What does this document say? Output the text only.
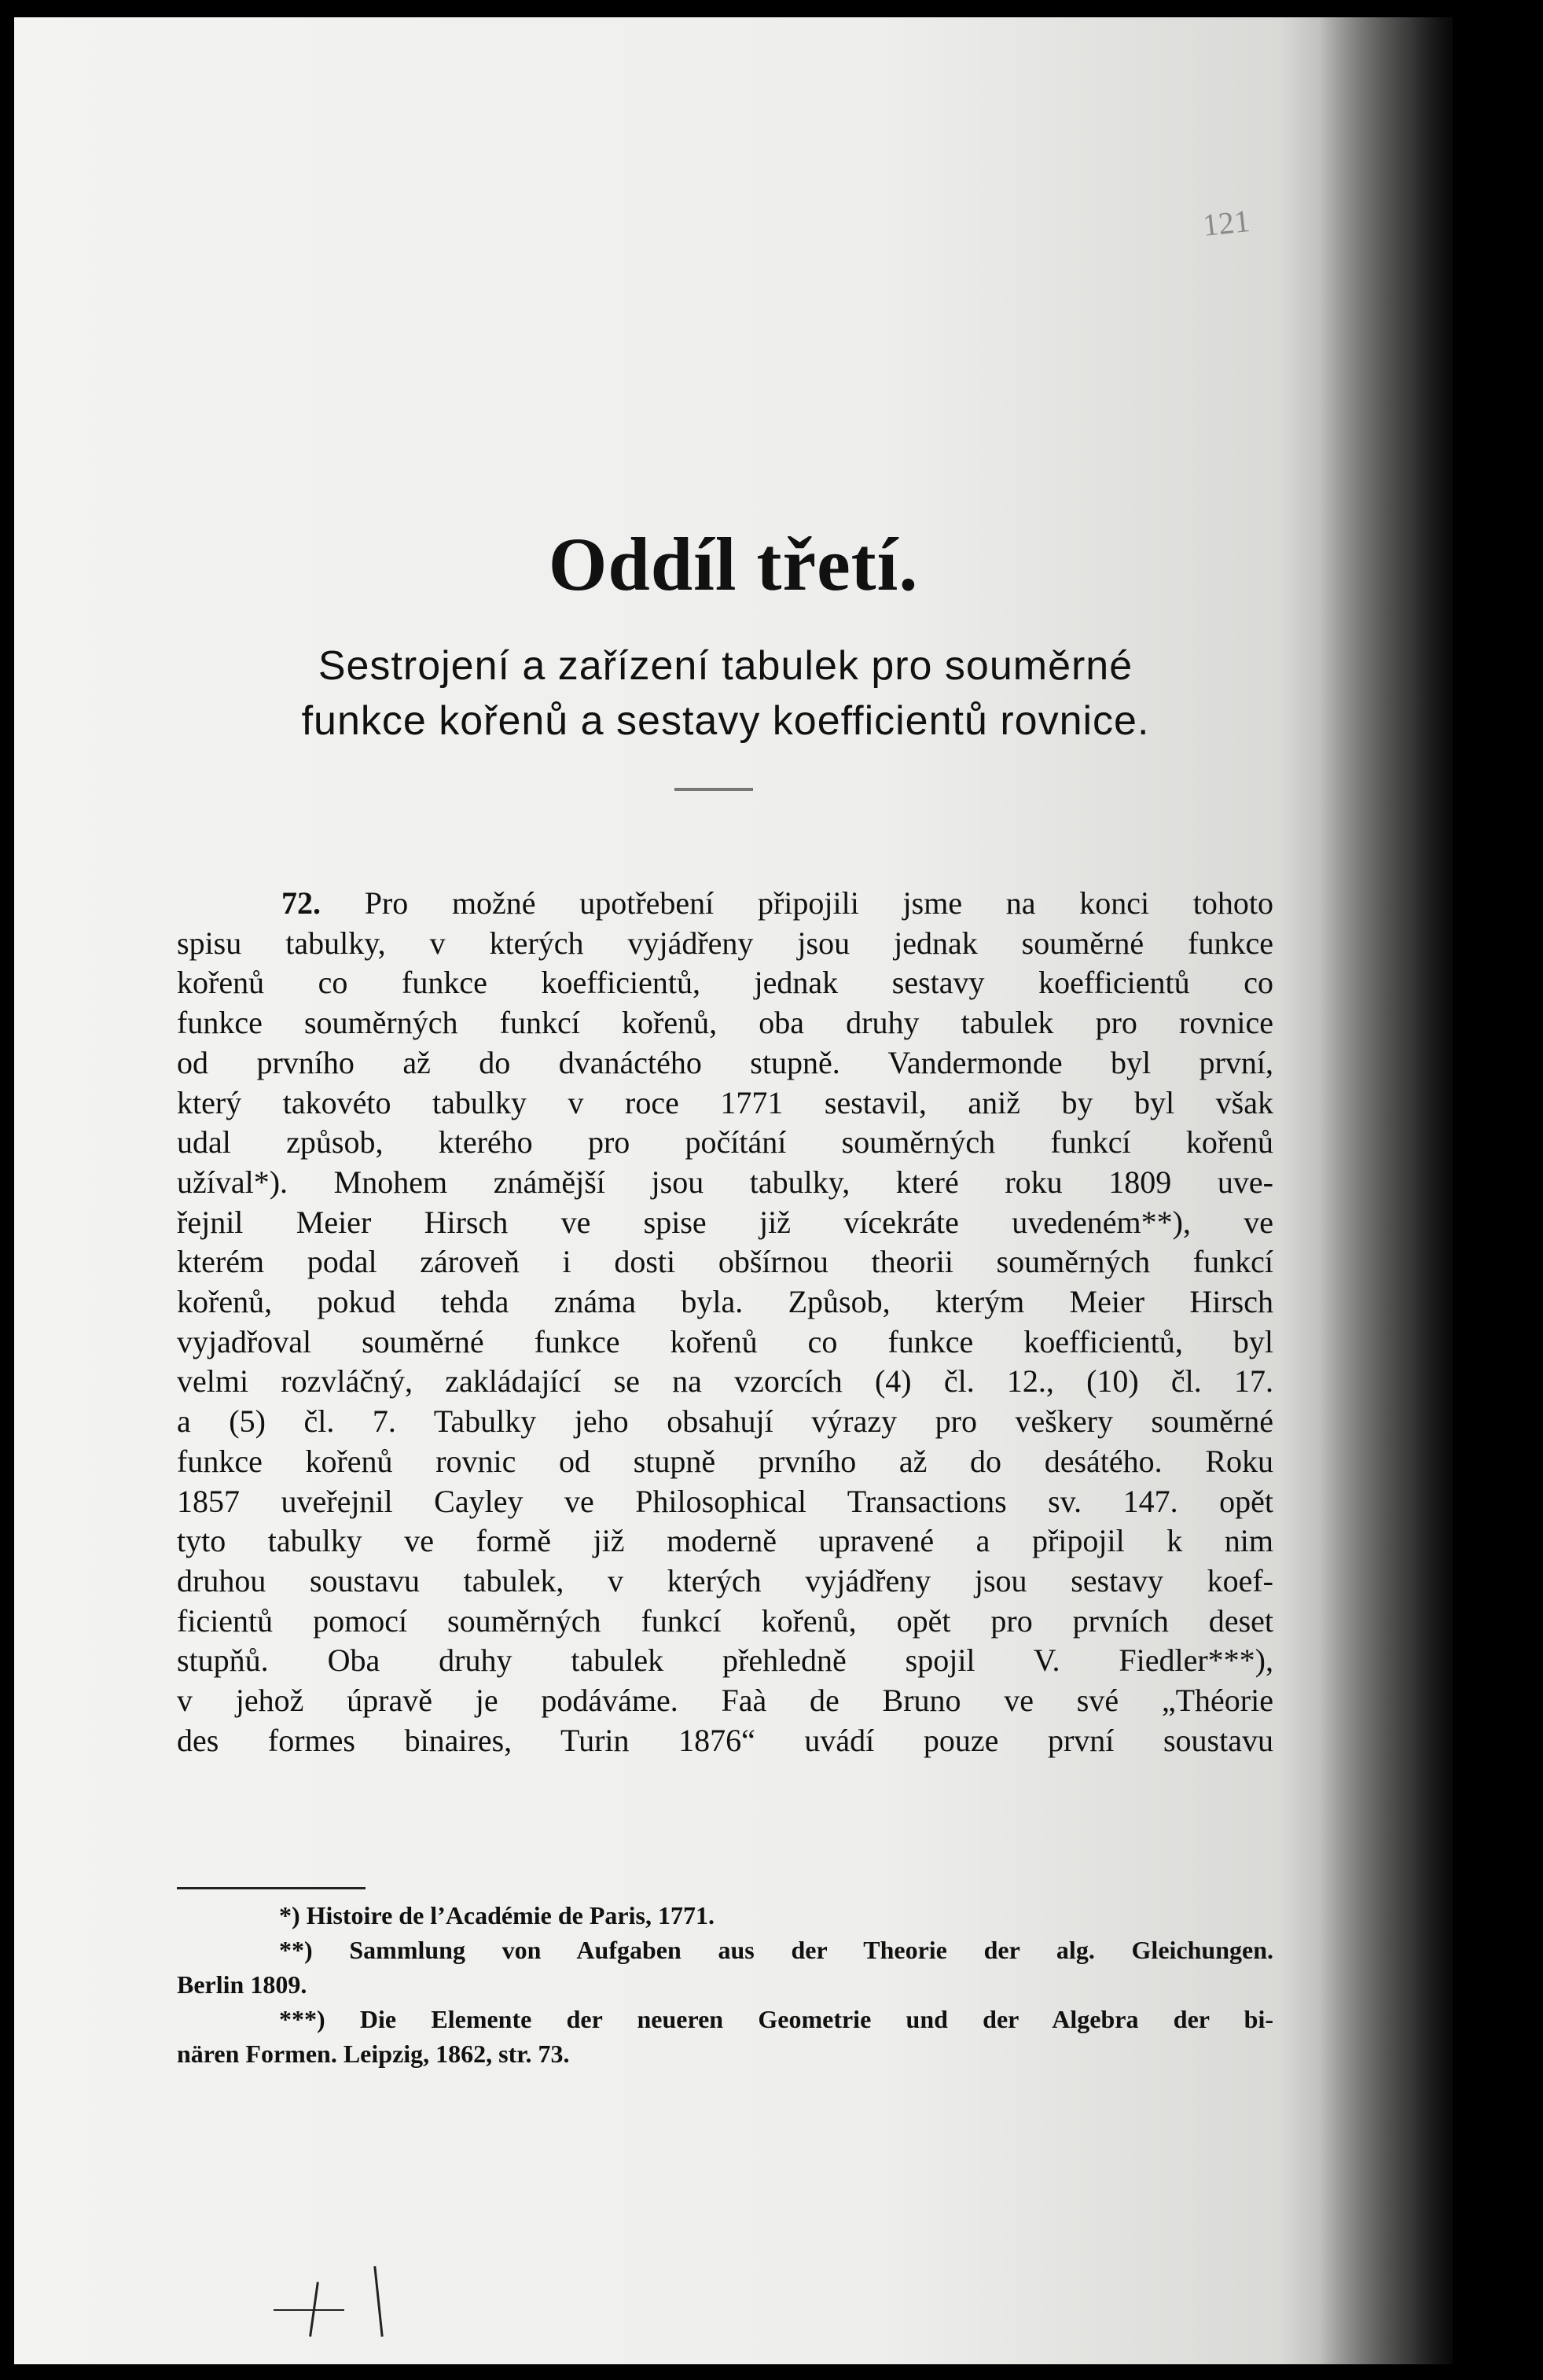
121
Oddíl třetí.
Sestrojení a zařízení tabulek pro souměrné
funkce kořenů a sestavy koefficientů rovnice.
72. Pro možné upotřebení připojili jsme na konci tohoto
spisu tabulky, v kterých vyjádřeny jsou jednak souměrné funkce
kořenů co funkce koefficientů, jednak sestavy koefficientů co
funkce souměrných funkcí kořenů, oba druhy tabulek pro rovnice
od prvního až do dvanáctého stupně. Vandermonde byl první,
který takovéto tabulky v roce 1771 sestavil, aniž by byl však
udal způsob, kterého pro počítání souměrných funkcí kořenů
užíval*). Mnohem známější jsou tabulky, které roku 1809 uve-
řejnil Meier Hirsch ve spise již vícekráte uvedeném**), ve
kterém podal zároveň i dosti obšírnou theorii souměrných funkcí
kořenů, pokud tehda známa byla. Způsob, kterým Meier Hirsch
vyjadřoval souměrné funkce kořenů co funkce koefficientů, byl
velmi rozvláčný, zakládající se na vzorcích (4) čl. 12., (10) čl. 17.
a (5) čl. 7. Tabulky jeho obsahují výrazy pro veškery souměrné
funkce kořenů rovnic od stupně prvního až do desátého. Roku
1857 uveřejnil Cayley ve Philosophical Transactions sv. 147. opět
tyto tabulky ve formě již moderně upravené a připojil k nim
druhou soustavu tabulek, v kterých vyjádřeny jsou sestavy koef-
ficientů pomocí souměrných funkcí kořenů, opět pro prvních deset
stupňů. Oba druhy tabulek přehledně spojil V. Fiedler***),
v jehož úpravě je podáváme. Faà de Bruno ve své „Théorie
des formes binaires, Turin 1876“ uvádí pouze první soustavu
*) Histoire de l’Académie de Paris, 1771.
**) Sammlung von Aufgaben aus der Theorie der alg. Gleichungen.
Berlin 1809.
***) Die Elemente der neueren Geometrie und der Algebra der bi-
nären Formen. Leipzig, 1862, str. 73.
